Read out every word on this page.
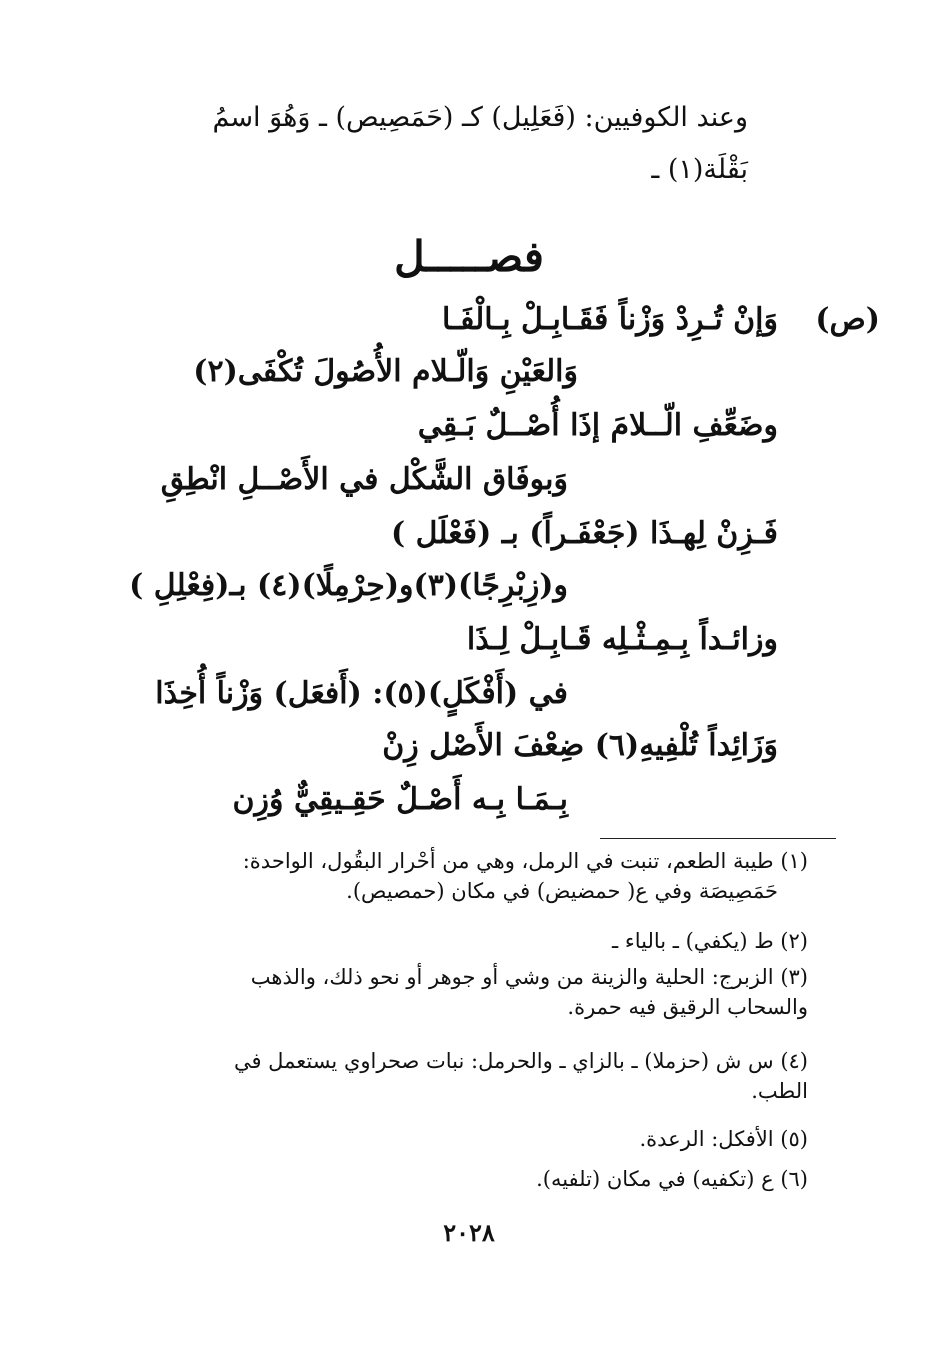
وعند الكوفيين: (فَعَلِيل) كـ (حَمَصِيص) ـ وَهُوَ اسمُ

بَقْلَة(١) ـ

فصـــــل
(ص)
وَإنْ تُـرِدْ وَزْناً فَقَـابِـلْ بِـالْفَـا
وَالعَيْنِ وَالّـلام الأُصُولَ تُكْفَى(٢)
وضَعِّفِ الّــلامَ إذَا أُصْــلٌ بَـقِي
وَبوفَاق الشَّكْل في الأَصْــلِ انْطِقِ
فَـزِنْ لِهـذَا (جَعْفَـراً) بـ (فَعْلَل )
و(زِبْرِجًا)(٣)و(حِرْمِلًا)(٤) بـ(فِعْلِلِ )
وزائـداً بِـمِـثْـلِه قَـابِـلْ لِـذَا
في (أَفْكَلٍ)(٥): (أَفعَل) وَزْناً أُخِذَا
وَزَائِداً تُلْفِيهِ(٦) ضِعْفَ الأَصْل زِنْ
بِـمَـا بِـه أَصْـلٌ حَقِـيقِيٌّ وُزِن
(١) طيبة الطعم، تنبت في الرمل، وهي من أحْرار البقُول، الواحدة:
حَمَصِيصَة وفي ع( حمضيض) في مكان (حمصيص).
(٢) ط (يكفي) ـ بالياء ـ
(٣) الزبرج: الحلية والزينة من وشي أو جوهر أو نحو ذلك، والذهب
والسحاب الرقيق فيه حمرة.
(٤) س ش (حزملا) ـ بالزاي ـ والحرمل: نبات صحراوي يستعمل في
الطب.
(٥) الأفكل: الرعدة.
(٦) ع (تكفيه) في مكان (تلفيه).
٢٠٢٨
